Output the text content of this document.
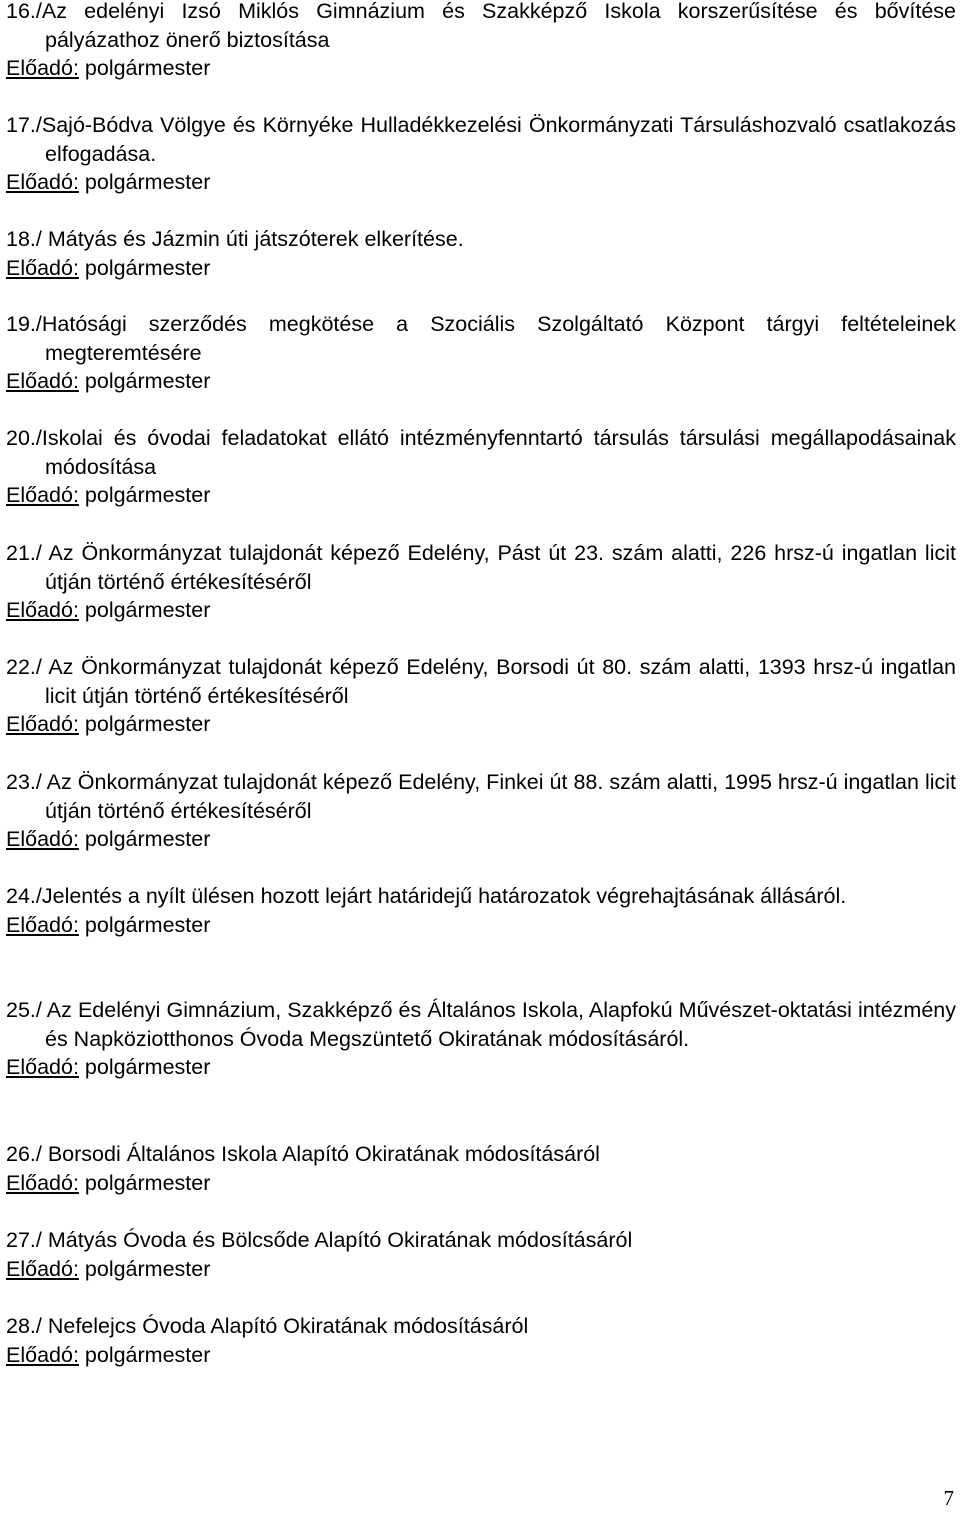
16./Az edelényi Izsó Miklós Gimnázium és Szakképző Iskola korszerűsítése és bővítése pályázathoz önerő biztosítása
Előadó: polgármester
17./Sajó-Bódva Völgye és Környéke Hulladékkezelési Önkormányzati Társuláshozvaló csatlakozás elfogadása.
Előadó: polgármester
18./ Mátyás és Jázmin úti játszóterek elkerítése.
Előadó: polgármester
19./Hatósági szerződés megkötése a Szociális Szolgáltató Központ tárgyi feltételeinek megteremtésére
Előadó: polgármester
20./Iskolai és óvodai feladatokat ellátó intézményfenntartó társulás társulási megállapodásainak módosítása
Előadó: polgármester
21./ Az Önkormányzat tulajdonát képező Edelény, Pást út 23. szám alatti, 226 hrsz-ú ingatlan licit útján történő értékesítéséről
Előadó: polgármester
22./ Az Önkormányzat tulajdonát képező Edelény, Borsodi út 80. szám alatti, 1393 hrsz-ú ingatlan licit útján történő értékesítéséről
Előadó: polgármester
23./ Az Önkormányzat tulajdonát képező Edelény, Finkei út 88. szám alatti, 1995 hrsz-ú ingatlan licit útján történő értékesítéséről
Előadó: polgármester
24./Jelentés a nyílt ülésen hozott lejárt határidejű határozatok végrehajtásának állásáról.
Előadó: polgármester
25./ Az Edelényi Gimnázium, Szakképző és Általános Iskola, Alapfokú Művészet-oktatási intézmény és Napköziotthonos Óvoda Megszüntető Okiratának módosításáról.
Előadó: polgármester
26./ Borsodi Általános Iskola Alapító Okiratának módosításáról
Előadó: polgármester
27./ Mátyás Óvoda és Bölcsőde Alapító Okiratának módosításáról
Előadó: polgármester
28./ Nefelejcs Óvoda Alapító Okiratának módosításáról
Előadó: polgármester
7
